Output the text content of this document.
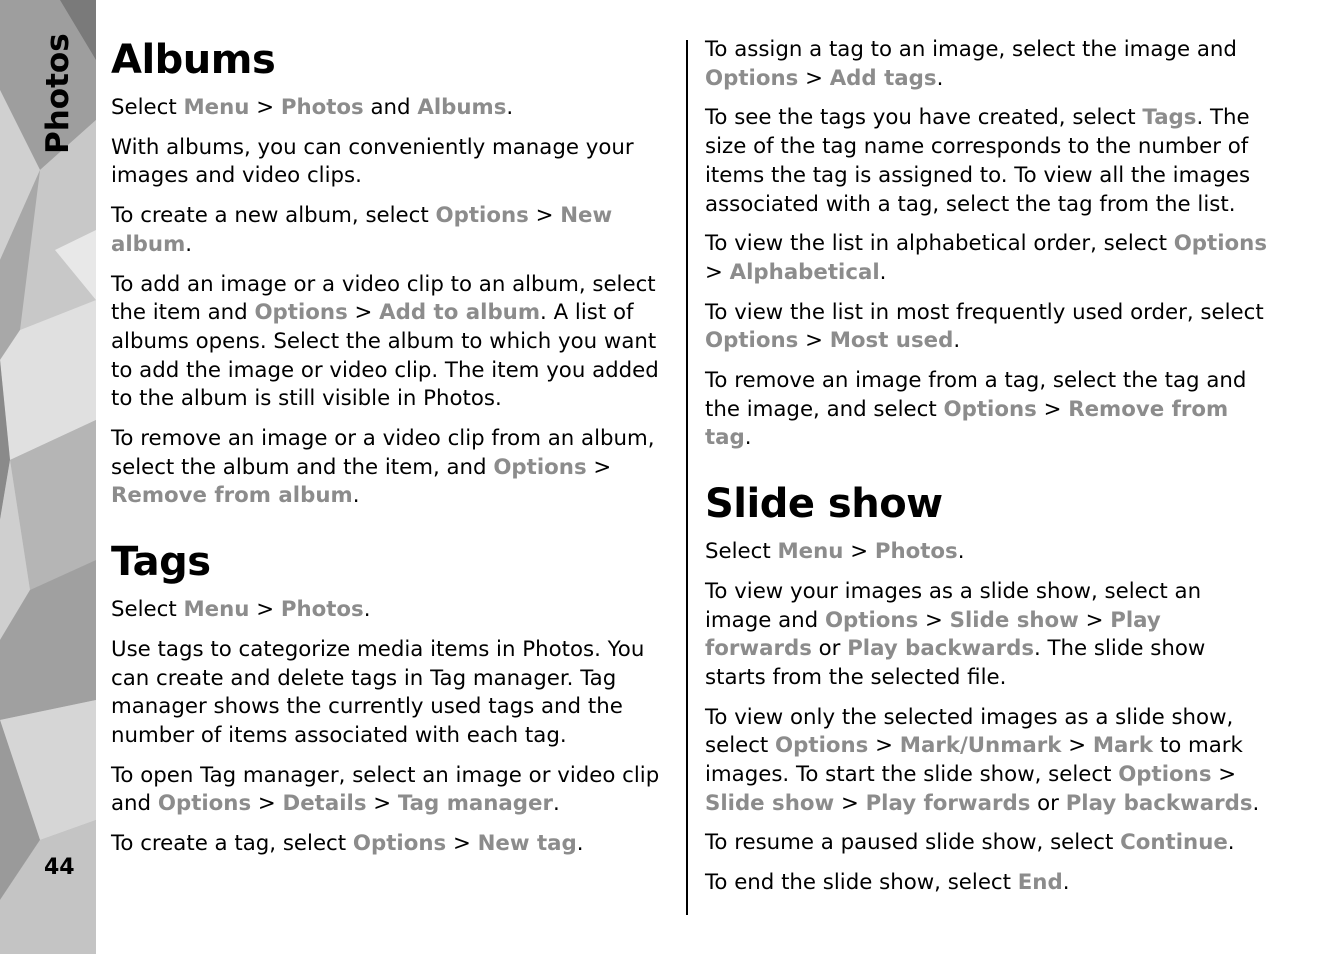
Photos
44
Albums

Select Menu > Photos and Albums.

With albums, you can conveniently manage your images and video clips.

To create a new album, select Options > New album.

To add an image or a video clip to an album, select the item and Options > Add to album. A list of albums opens. Select the album to which you want to add the image or video clip. The item you added to the album is still visible in Photos.

To remove an image or a video clip from an album, select the album and the item, and Options > Remove from album.

Tags

Select Menu > Photos.

Use tags to categorize media items in Photos. You can create and delete tags in Tag manager. Tag manager shows the currently used tags and the number of items associated with each tag.

To open Tag manager, select an image or video clip and Options > Details > Tag manager.

To create a tag, select Options > New tag.

To assign a tag to an image, select the image and Options > Add tags.

To see the tags you have created, select Tags. The size of the tag name corresponds to the number of items the tag is assigned to. To view all the images associated with a tag, select the tag from the list.

To view the list in alphabetical order, select Options > Alphabetical.

To view the list in most frequently used order, select Options > Most used.

To remove an image from a tag, select the tag and the image, and select Options > Remove from tag.

Slide show

Select Menu > Photos.

To view your images as a slide show, select an image and Options > Slide show > Play forwards or Play backwards. The slide show starts from the selected file.

To view only the selected images as a slide show, select Options > Mark/Unmark > Mark to mark images. To start the slide show, select Options > Slide show > Play forwards or Play backwards.

To resume a paused slide show, select Continue.

To end the slide show, select End.
